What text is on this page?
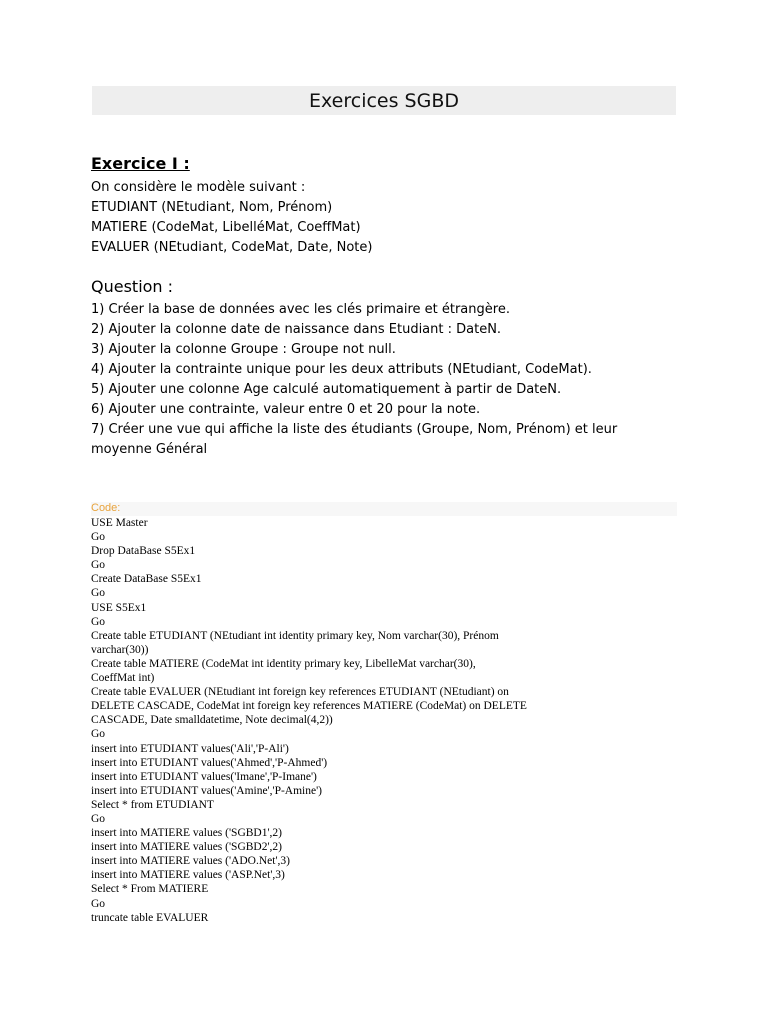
Exercices SGBD
Exercice I :
On considère le modèle suivant :
ETUDIANT (NEtudiant, Nom, Prénom)
MATIERE (CodeMat, LibelléMat, CoeffMat)
EVALUER (NEtudiant, CodeMat, Date, Note)
Question :
1) Créer la base de données avec les clés primaire et étrangère.
2) Ajouter la colonne date de naissance dans Etudiant : DateN.
3) Ajouter la colonne Groupe : Groupe not null.
4) Ajouter la contrainte unique pour les deux attributs (NEtudiant, CodeMat).
5) Ajouter une colonne Age calculé automatiquement à partir de DateN.
6) Ajouter une contrainte, valeur entre 0 et 20 pour la note.
7) Créer une vue qui affiche la liste des étudiants (Groupe, Nom, Prénom) et leur
moyenne Général
Code:
USE Master
Go
Drop DataBase S5Ex1
Go
Create DataBase S5Ex1
Go
USE S5Ex1
Go
Create table ETUDIANT (NEtudiant int identity primary key, Nom varchar(30), Prénom
varchar(30))
Create table MATIERE (CodeMat int identity primary key, LibelleMat varchar(30),
CoeffMat int)
Create table EVALUER (NEtudiant int foreign key references ETUDIANT (NEtudiant) on
DELETE CASCADE, CodeMat int foreign key references MATIERE (CodeMat) on DELETE
CASCADE, Date smalldatetime, Note decimal(4,2))
Go
insert into ETUDIANT values('Ali','P-Ali')
insert into ETUDIANT values('Ahmed','P-Ahmed')
insert into ETUDIANT values('Imane','P-Imane')
insert into ETUDIANT values('Amine','P-Amine')
Select * from ETUDIANT
Go
insert into MATIERE values ('SGBD1',2)
insert into MATIERE values ('SGBD2',2)
insert into MATIERE values ('ADO.Net',3)
insert into MATIERE values ('ASP.Net',3)
Select * From MATIERE
Go
truncate table EVALUER
